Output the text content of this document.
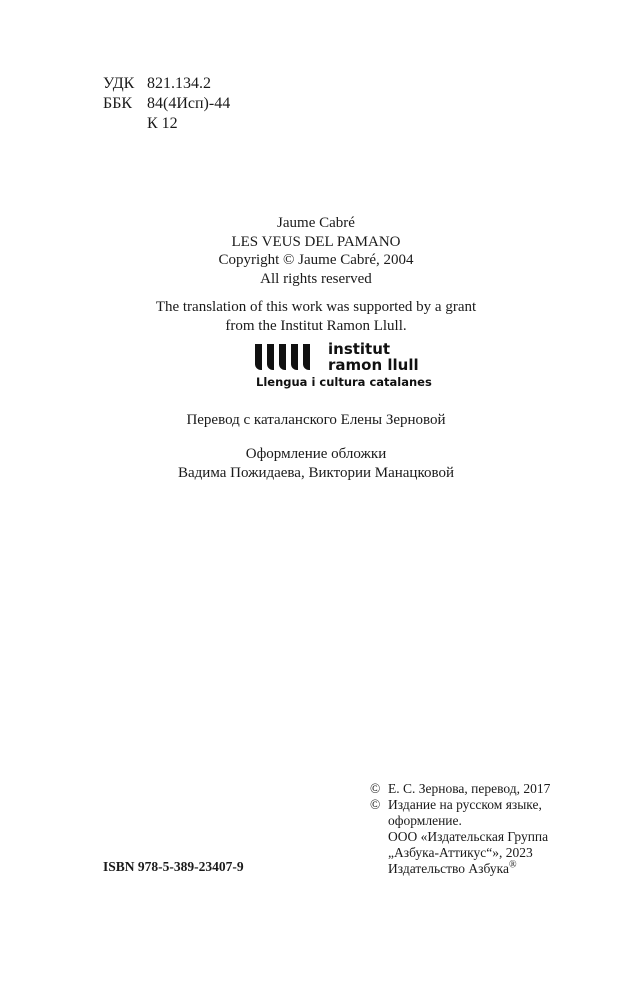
УДК 821.134.2
ББК 84(4Исп)-44
К 12
Jaume Cabré
LES VEUS DEL PAMANO
Copyright © Jaume Cabré, 2004
All rights reserved
The translation of this work was supported by a grant
from the Institut Ramon Llull.
institut
ramon llull
Llengua i cultura catalanes
Перевод с каталанского Елены Зерновой
Оформление обложки
Вадима Пожидаева, Виктории Манацковой
© Е. С. Зернова, перевод, 2017
© Издание на русском языке,
оформление.
ООО «Издательская Группа
„Азбука-Аттикус“», 2023
Издательство Азбука®
ISBN 978-5-389-23407-9
